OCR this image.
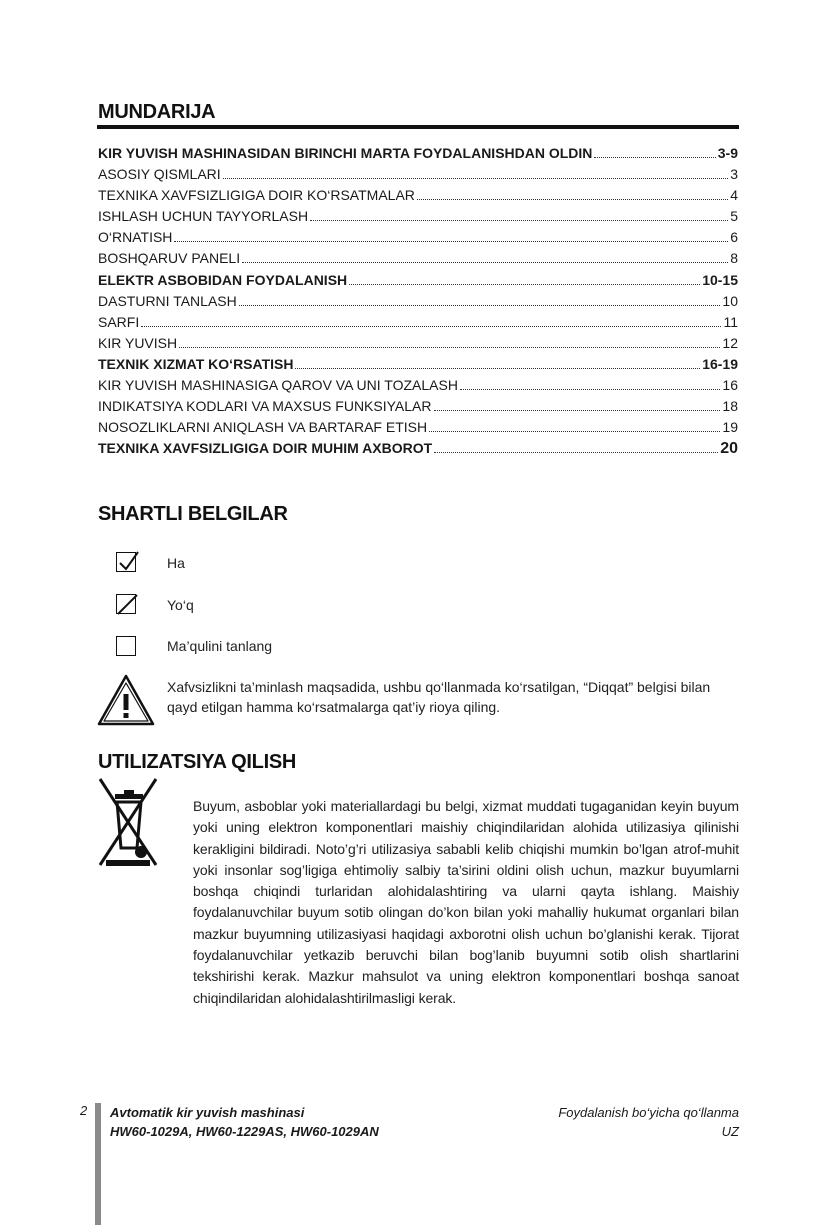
MUNDARIJA
KIR YUVISH MASHINASIDAN BIRINCHI MARTA FOYDALANISHDAN OLDIN	3-9
ASOSIY QISMLARI	3
TEXNIKA XAVFSIZLIGIGA DOIR KO‘RSATMALAR	4
ISHLASH UCHUN TAYYORLASH	5
O‘RNATISH	6
BOSHQARUV PANELI	8
ELEKTR ASBOBIDAN FOYDALANISH	10-15
DASTURNI TANLASH	10
SARFI	11
KIR YUVISH	12
TEXNIK XIZMAT KO‘RSATISH	16-19
KIR YUVISH MASHINASIGA QAROV VA UNI TOZALASH	16
INDIKATSIYA KODLARI VA MAXSUS FUNKSIYALAR	18
NOSOZLIKLARNI ANIQLASH VA BARTARAF ETISH	19
TEXNIKA XAVFSIZLIGIGA DOIR MUHIM AXBOROT	20
SHARTLI BELGILAR
Ha
Yo‘q
Ma’qulini tanlang
Xafvsizlikni ta’minlash maqsadida, ushbu qo‘llanmada ko‘rsatilgan, “Diqqat” belgisi bilan qayd etilgan hamma ko‘rsatmalarga qat’iy rioya qiling.
UTILIZATSIYA QILISH
Buyum, asboblar yoki materiallardagi bu belgi, xizmat muddati tugaganidan keyin buyum yoki uning elektron komponentlari maishiy chiqindilaridan alohida utilizasiya qilinishi kerakligini bildiradi. Noto’g’ri utilizasiya sababli kelib chiqishi mumkin bo’lgan atrof-muhit yoki insonlar sog’ligiga ehtimoliy salbiy ta’sirini oldini olish uchun, mazkur buyumlarni boshqa chiqindi turlaridan alohidalashtiring va ularni qayta ishlang. Maishiy foydalanuvchilar buyum sotib olingan do’kon bilan yoki mahalliy hukumat organlari bilan mazkur buyumning utilizasiyasi haqidagi axborotni olish uchun bo’glanishi kerak. Tijorat foydalanuvchilar yetkazib beruvchi bilan bog’lanib buyumni sotib olish shartlarini tekshirishi kerak. Mazkur mahsulot va uning elektron komponentlari boshqa sanoat chiqindilaridan alohidalashtirilmasligi kerak.
2 Avtomatik kir yuvish mashinasi
HW60-1029A, HW60-1229AS, HW60-1029AN
Foydalanish bo‘yicha qo‘llanma
UZ
